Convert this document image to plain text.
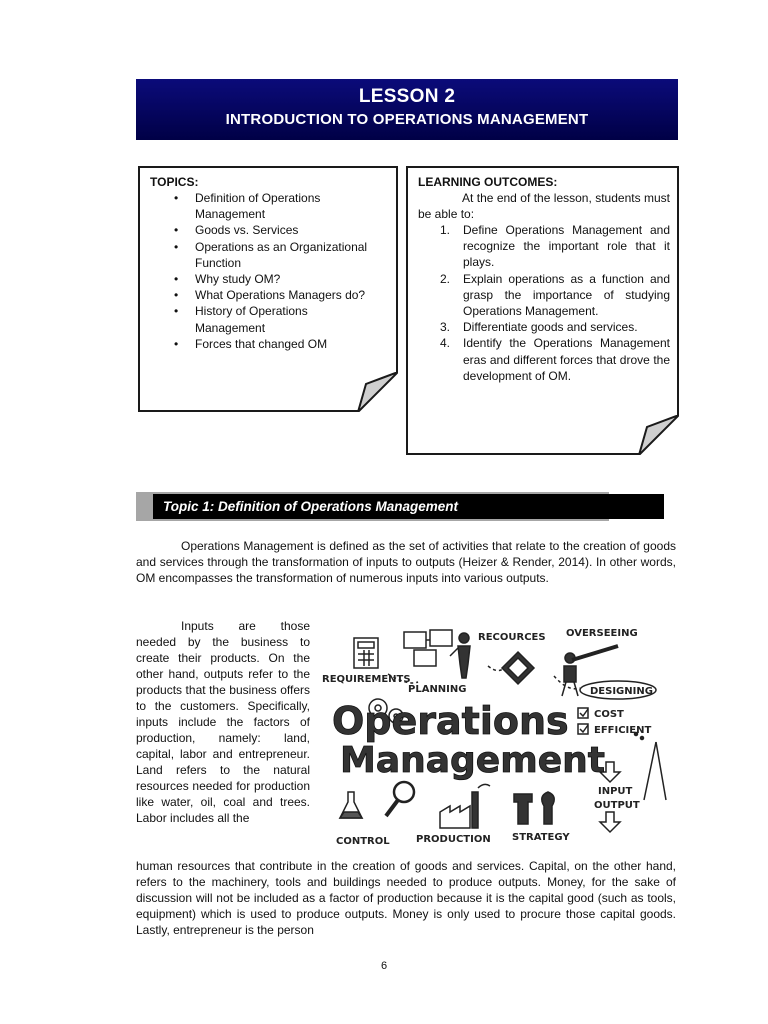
LESSON 2
INTRODUCTION TO OPERATIONS MANAGEMENT
TOPICS:
• Definition of Operations Management
• Goods vs. Services
• Operations as an Organizational Function
• Why study OM?
• What Operations Managers do?
• History of Operations Management
• Forces that changed OM
LEARNING OUTCOMES:
At the end of the lesson, students must be able to:
1. Define Operations Management and recognize the important role that it plays.
2. Explain operations as a function and grasp the importance of studying Operations Management.
3. Differentiate goods and services.
4. Identify the Operations Management eras and different forces that drove the development of OM.
Topic 1: Definition of Operations Management
Operations Management is defined as the set of activities that relate to the creation of goods and services through the transformation of inputs to outputs (Heizer & Render, 2014). In other words, OM encompasses the transformation of numerous inputs into various outputs.
Inputs are those needed by the business to create their products. On the other hand, outputs refer to the products that the business offers to the customers. Specifically, inputs include the factors of production, namely: land, capital, labor and entrepreneur. Land refers to the natural resources needed for production like water, oil, coal and trees. Labor includes all the
REQUIREMENTS
RECOURCES OVERSEEING
PLANNING	DESIGNING
COST
EFFICIENT
INPUT
OUTPUT
CONTROL	PRODUCTION STRATEGY
Operations
Management
human resources that contribute in the creation of goods and services. Capital, on the other hand, refers to the machinery, tools and buildings needed to produce outputs. Money, for the sake of discussion will not be included as a factor of production because it is the capital good (such as tools, equipment) which is used to produce outputs. Money is only used to procure those capital goods. Lastly, entrepreneur is the person
6
